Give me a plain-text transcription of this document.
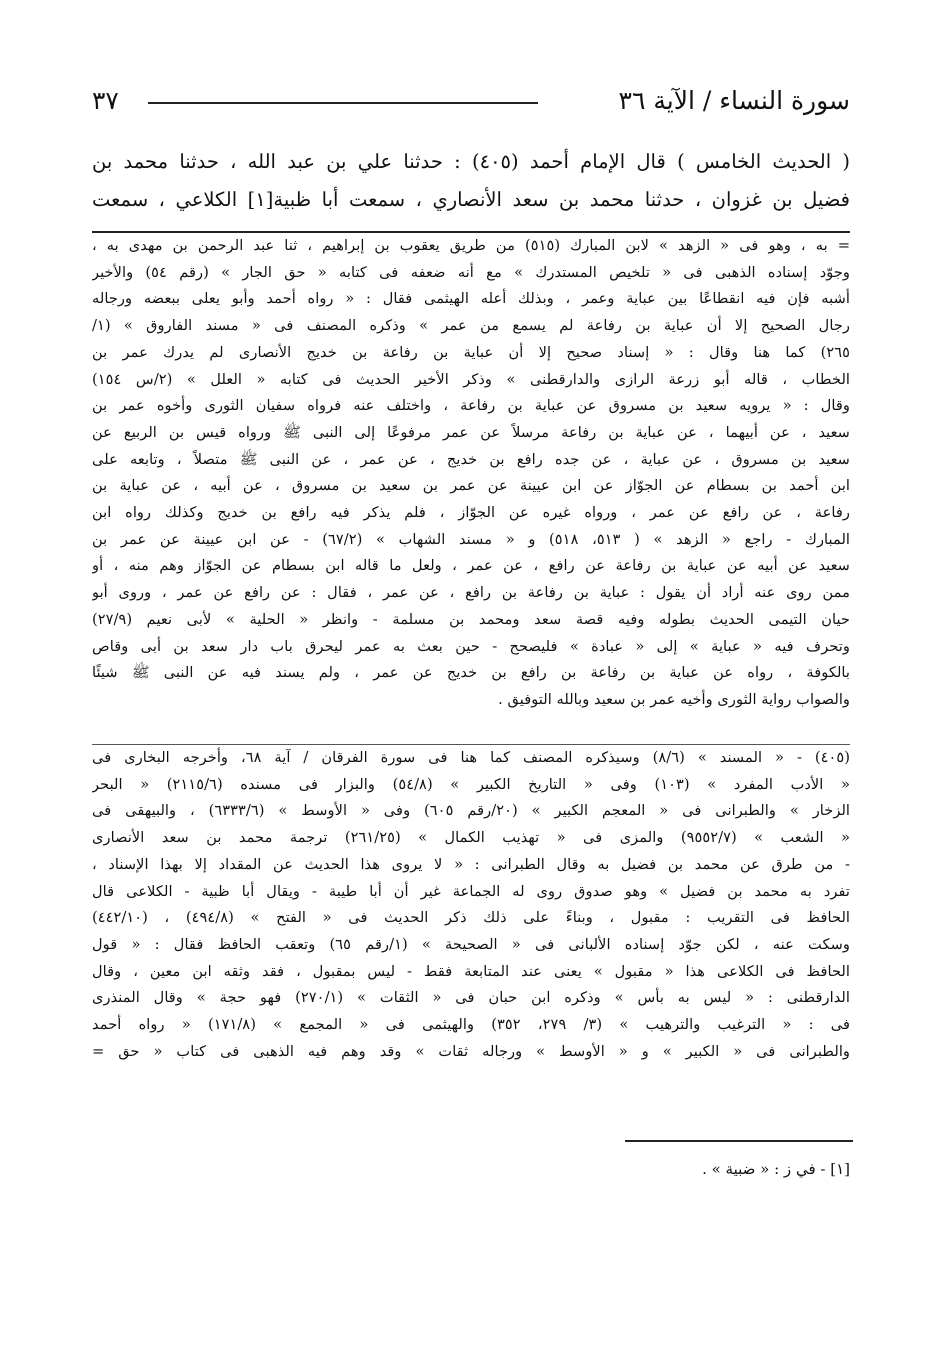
سورة النساء / الآية ٣٦
٣٧

( الحديث الخامس ) قال الإمام أحمد (٤٠٥) : حدثنا علي بن عبد الله ، حدثنا محمد بن

فضيل بن غزوان ، حدثنا محمد بن سعد الأنصاري ، سمعت أبا ظبية[١] الكلاعي ، سمعت

= به ، وهو فى « الزهد » لابن المبارك (٥١٥) من طريق يعقوب بن إبراهيم ، ثنا عبد الرحمن بن مهدى به ،

وجوّد إسناده الذهبى فى « تلخيص المستدرك » مع أنه ضعفه فى كتابه « حق الجار » (رقم ٥٤) والأخير

أشبه فإن فيه انقطاعًا بين عباية وعمر ، وبذلك أعله الهيثمى فقال : « رواه أحمد وأبو يعلى ببعضه ورجاله

رجال الصحيح إلا أن عباية بن رفاعة لم يسمع من عمر » وذكره المصنف فى « مسند الفاروق » (١/

٢٦٥) كما هنا وقال : « إسناد صحيح إلا أن عباية بن رفاعة بن خديج الأنصارى لم يدرك عمر بن

الخطاب ، قاله أبو زرعة الرازى والدارقطنى » وذكر الأخير الحديث فى كتابه « العلل » (٢/س ١٥٤)

وقال : « يرويه سعيد بن مسروق عن عباية بن رفاعة ، واختلف عنه فرواه سفيان الثورى وأخوه عمر بن

سعيد ، عن أبيهما ، عن عباية بن رفاعة مرسلاً عن عمر مرفوعًا إلى النبى ﷺ ورواه قيس بن الربيع عن

سعيد بن مسروق ، عن عباية ، عن جده رافع بن خديج ، عن عمر ، عن النبى ﷺ متصلاً ، وتابعه على

ابن أحمد بن بسطام عن الجوّاز عن ابن عيينة عن عمر بن سعيد بن مسروق ، عن أبيه ، عن عباية بن

رفاعة ، عن رافع عن عمر ، ورواه غيره عن الجوّاز ، فلم يذكر فيه رافع بن خديج وكذلك رواه ابن

المبارك - راجع « الزهد » ( ٥١٣، ٥١٨) و « مسند الشهاب » (٦٧/٢) - عن ابن عيينة عن عمر بن

سعيد عن أبيه عن عباية بن رفاعة عن رافع ، عن عمر ، ولعل ما قاله ابن بسطام عن الجوّاز وهم منه ، أو

ممن روى عنه أراد أن يقول : عباية بن رفاعة بن رافع ، عن عمر ، فقال : عن رافع عن عمر ، وروى أبو

حيان التيمى الحديث بطوله وفيه قصة سعد ومحمد بن مسلمة - وانظر « الحلية » لأبى نعيم (٢٧/٩)

وتحرف فيه « عباية » إلى « عبادة » فليصحح - حين بعث به عمر ليحرق باب دار سعد بن أبى وقاص

بالكوفة ، رواه عن عباية بن رفاعة بن رافع بن خديج عن عمر ، ولم يسند فيه عن النبى ﷺ شيئًا

والصواب رواية الثورى وأخيه عمر بن سعيد وبالله التوفيق .

(٤٠٥) - « المسند » (٨/٦) وسيذكره المصنف كما هنا فى سورة الفرقان / آية ٦٨، وأخرجه البخارى فى

« الأدب المفرد » (١٠٣) وفى « التاريخ الكبير » (٥٤/٨) والبزار فى مسنده (٢١١٥/٦) « البحر

الزخار » والطبرانى فى « المعجم الكبير » (٢٠/رقم ٦٠٥) وفى « الأوسط » (٦٣٣٣/٦) ، والبيهقى فى

« الشعب » (٩٥٥٢/٧) والمزى فى « تهذيب الكمال » (٢٦١/٢٥) ترجمة محمد بن سعد الأنصارى

- من طرق عن محمد بن فضيل به وقال الطبرانى : « لا يروى هذا الحديث عن المقداد إلا بهذا الإسناد ،

تفرد به محمد بن فضيل » وهو صدوق روى له الجماعة غير أن أبا طيبة - ويقال أبا ظبية - الكلاعى قال

الحافظ فى التقريب : مقبول ، وبناءً على ذلك ذكر الحديث فى « الفتح » (٤٩٤/٨) ، (٤٤٢/١٠)

وسكت عنه ، لكن جوّد إسناده الألبانى فى « الصحيحة » (١/رقم ٦٥) وتعقب الحافظ فقال : « قول

الحافظ فى الكلاعى هذا « مقبول » يعنى عند المتابعة فقط - ليس بمقبول ، فقد وثقه ابن معين ، وقال

الدارقطنى : « ليس به بأس » وذكره ابن حبان فى « الثقات » (٢٧٠/١) فهو حجة » وقال المنذرى

فى : « الترغيب والترهيب » (٣/ ٢٧٩، ٣٥٢) والهيثمى فى « المجمع » (١٧١/٨) « رواه أحمد

والطبرانى فى « الكبير » و « الأوسط » ورجاله ثقات » وقد وهم فيه الذهبى فى كتاب « حق =

[١] - في ز : « ضبية » .
